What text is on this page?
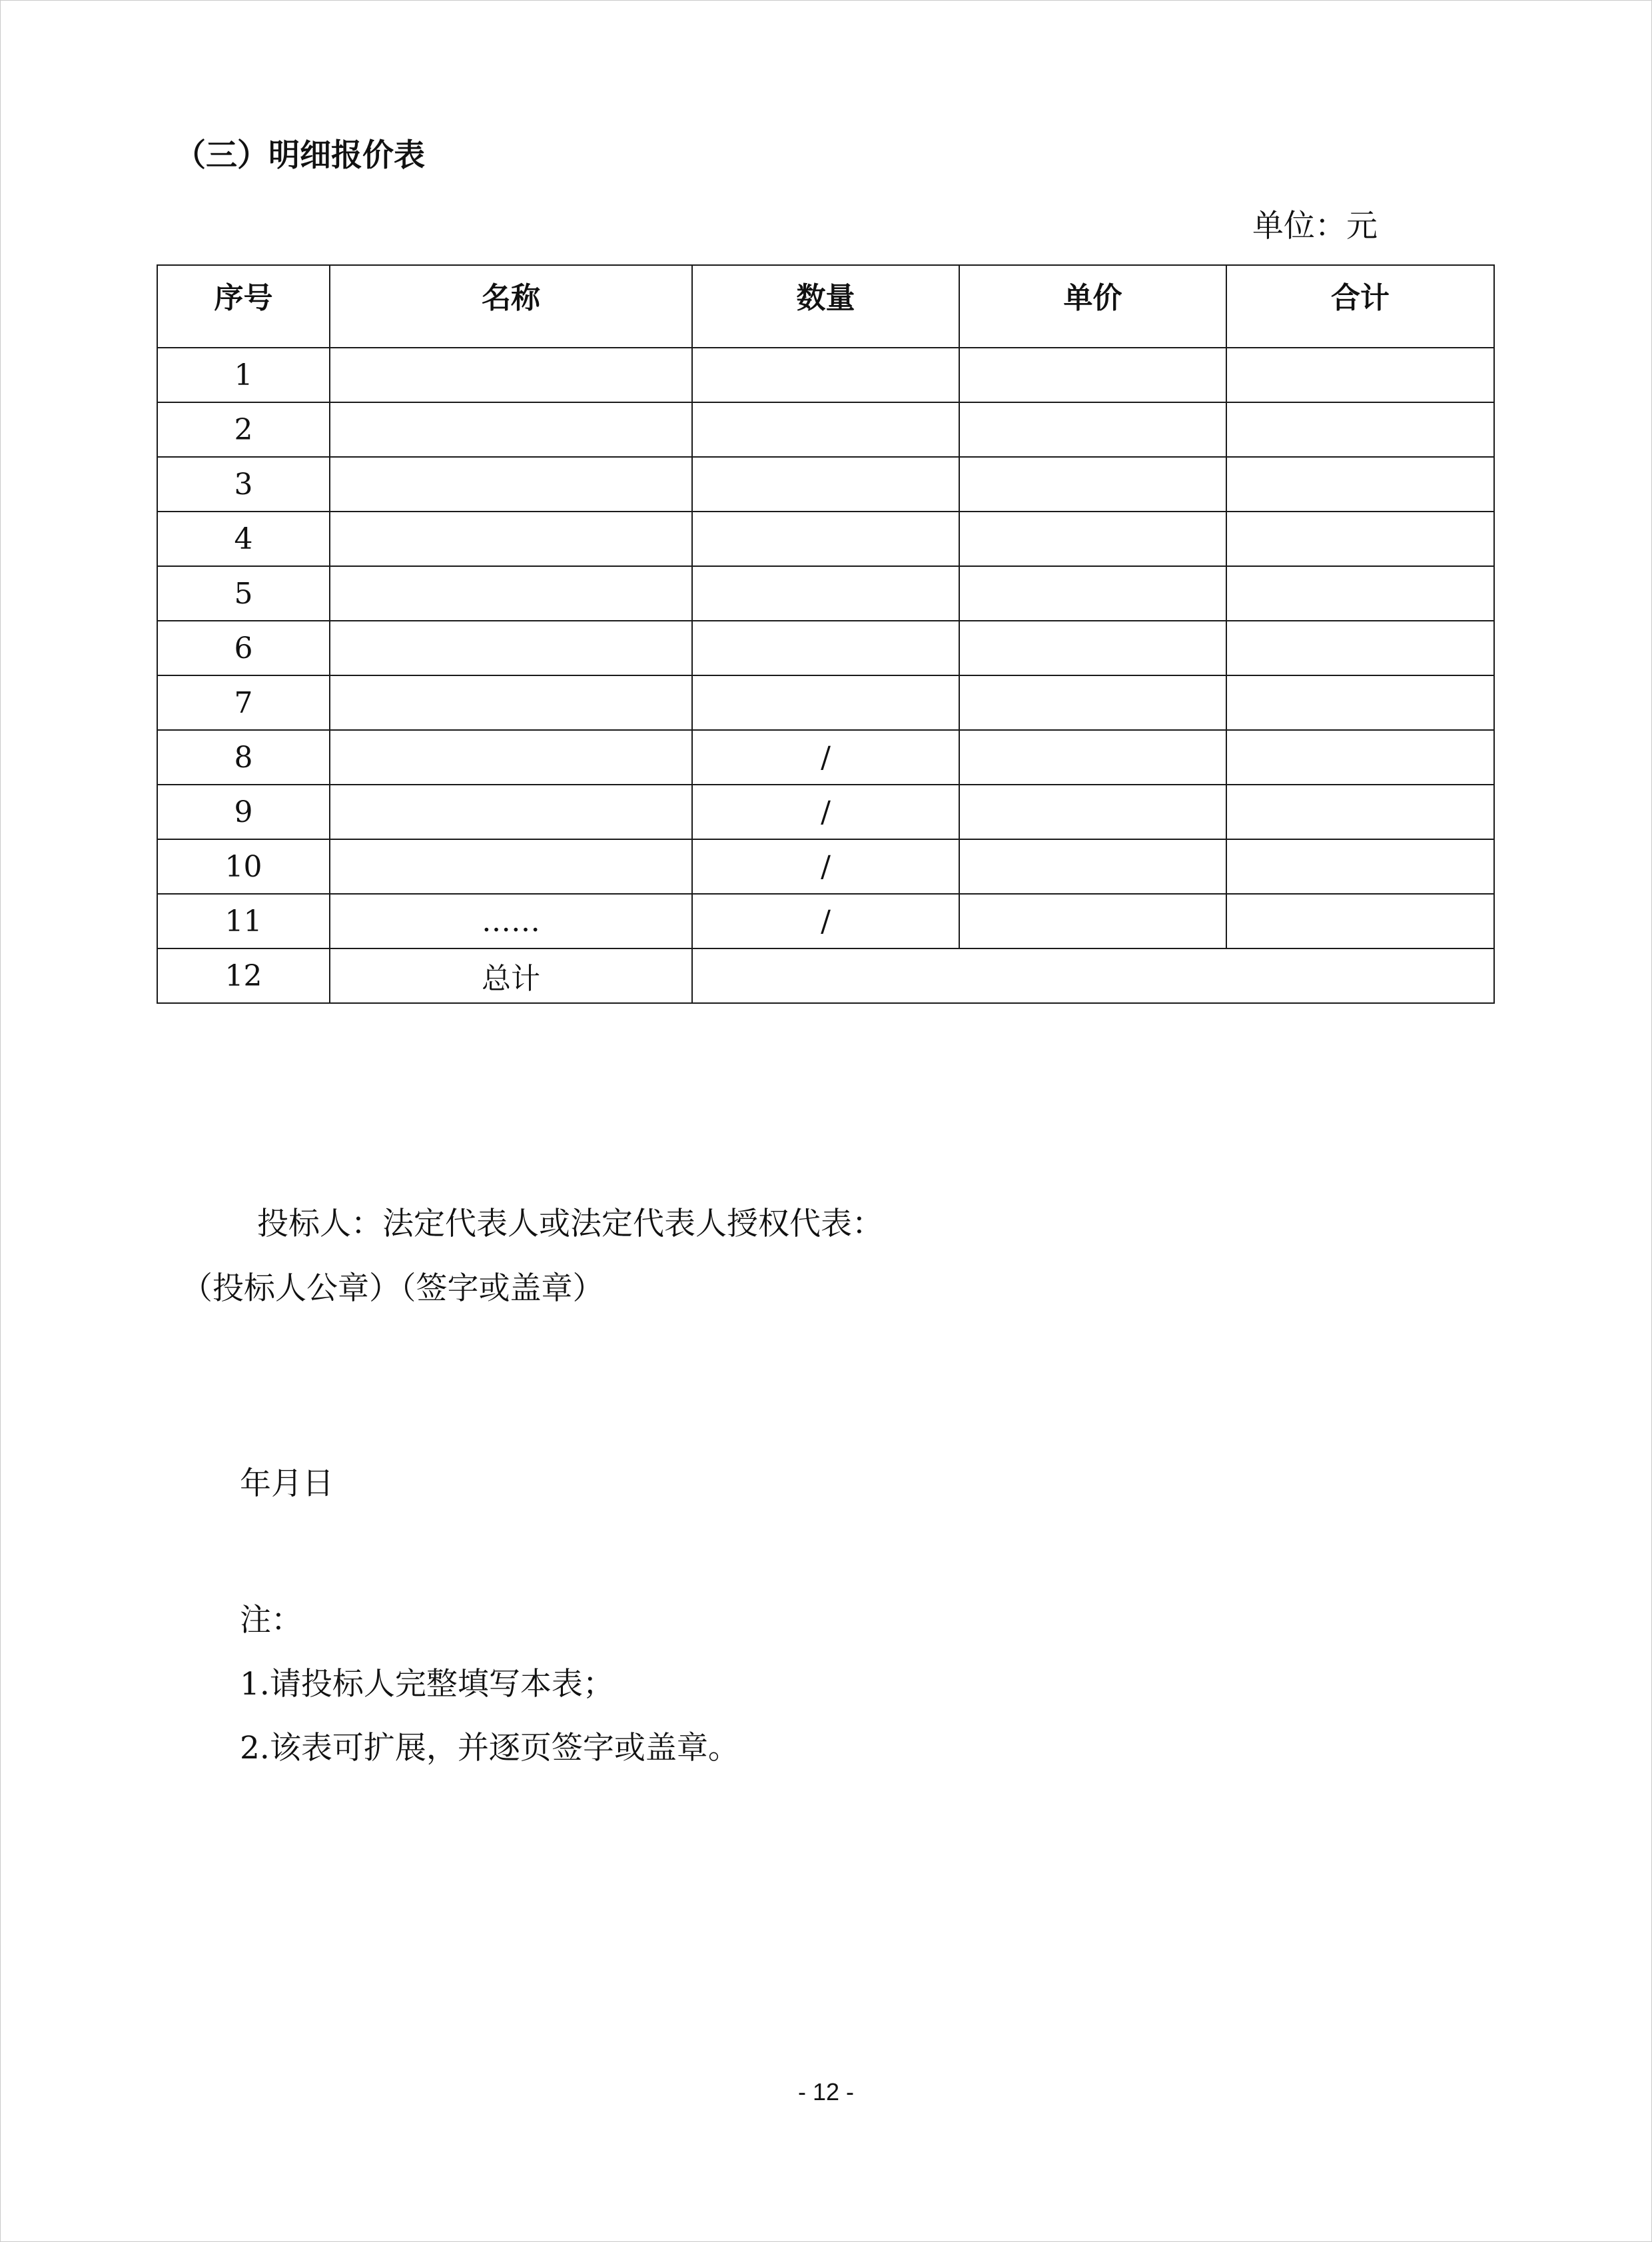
（三）明细报价表
单位：元
序号	名称	数量	单价	合计
1				
2				
3				
4				
5				
6				
7				
8		/		
9		/		
10		/		
11	……	/		
12	总计			
投标人：法定代表人或法定代表人授权代表：
（投标人公章）（签字或盖章）
年月日
注：
1.请投标人完整填写本表；
2.该表可扩展，并逐页签字或盖章。
- 12 -
